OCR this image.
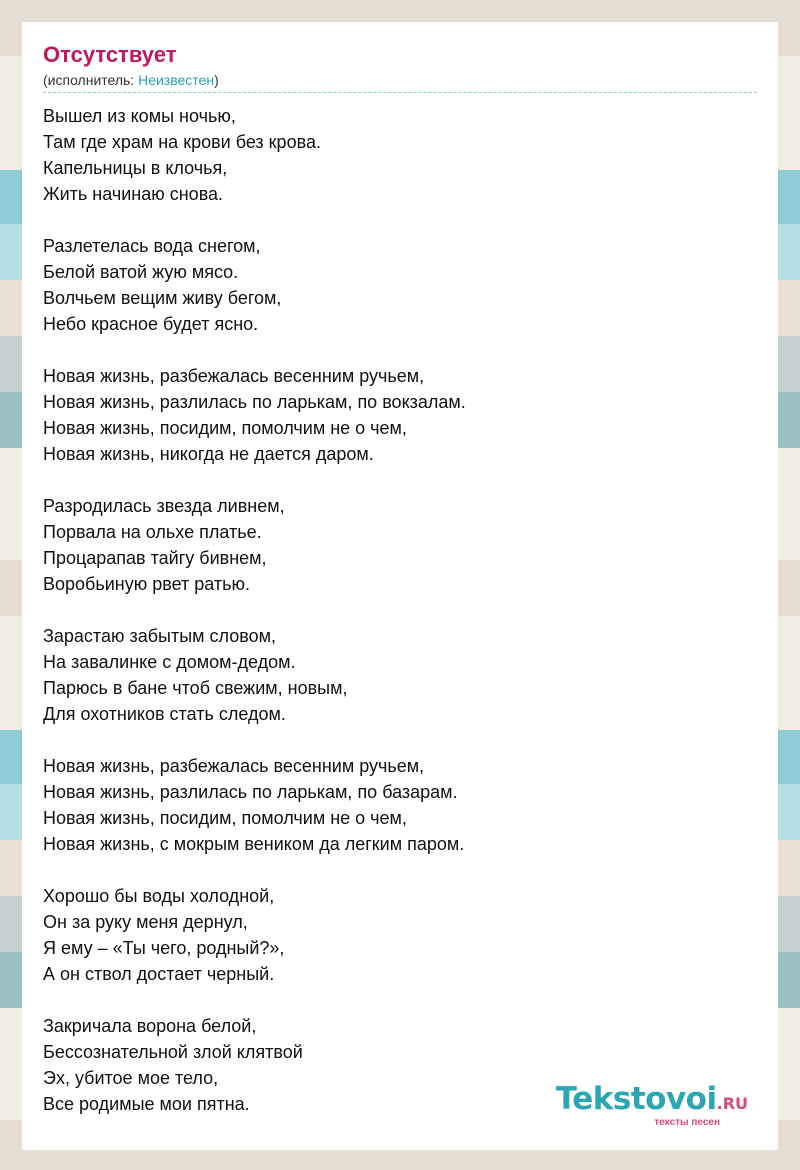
Отсутствует
(исполнитель: Неизвестен)
Вышел из комы ночью,
Там где храм на крови без крова.
Капельницы в клочья,
Жить начинаю снова.
Разлетелась вода снегом,
Белой ватой жую мясо.
Волчьем вещим живу бегом,
Небо красное будет ясно.
Новая жизнь, разбежалась весенним ручьем,
Новая жизнь, разлилась по ларькам, по вокзалам.
Новая жизнь, посидим, помолчим не о чем,
Новая жизнь, никогда не дается даром.
Разродилась звезда ливнем,
Порвала на ольхе платье.
Процарапав тайгу бивнем,
Воробьиную рвет ратью.
Зарастаю забытым словом,
На завалинке с домом-дедом.
Парюсь в бане чтоб свежим, новым,
Для охотников стать следом.
Новая жизнь, разбежалась весенним ручьем,
Новая жизнь, разлилась по ларькам, по базарам.
Новая жизнь, посидим, помолчим не о чем,
Новая жизнь, с мокрым веником да легким паром.
Хорошо бы воды холодной,
Он за руку меня дернул,
Я ему – «Ты чего, родный?»,
А он ствол достает черный.
Закричала ворона белой,
Бессознательной злой клятвой
Эх, убитое мое тело,
Все родимые мои пятна.	Tekstovoi.RU
тексты песен
